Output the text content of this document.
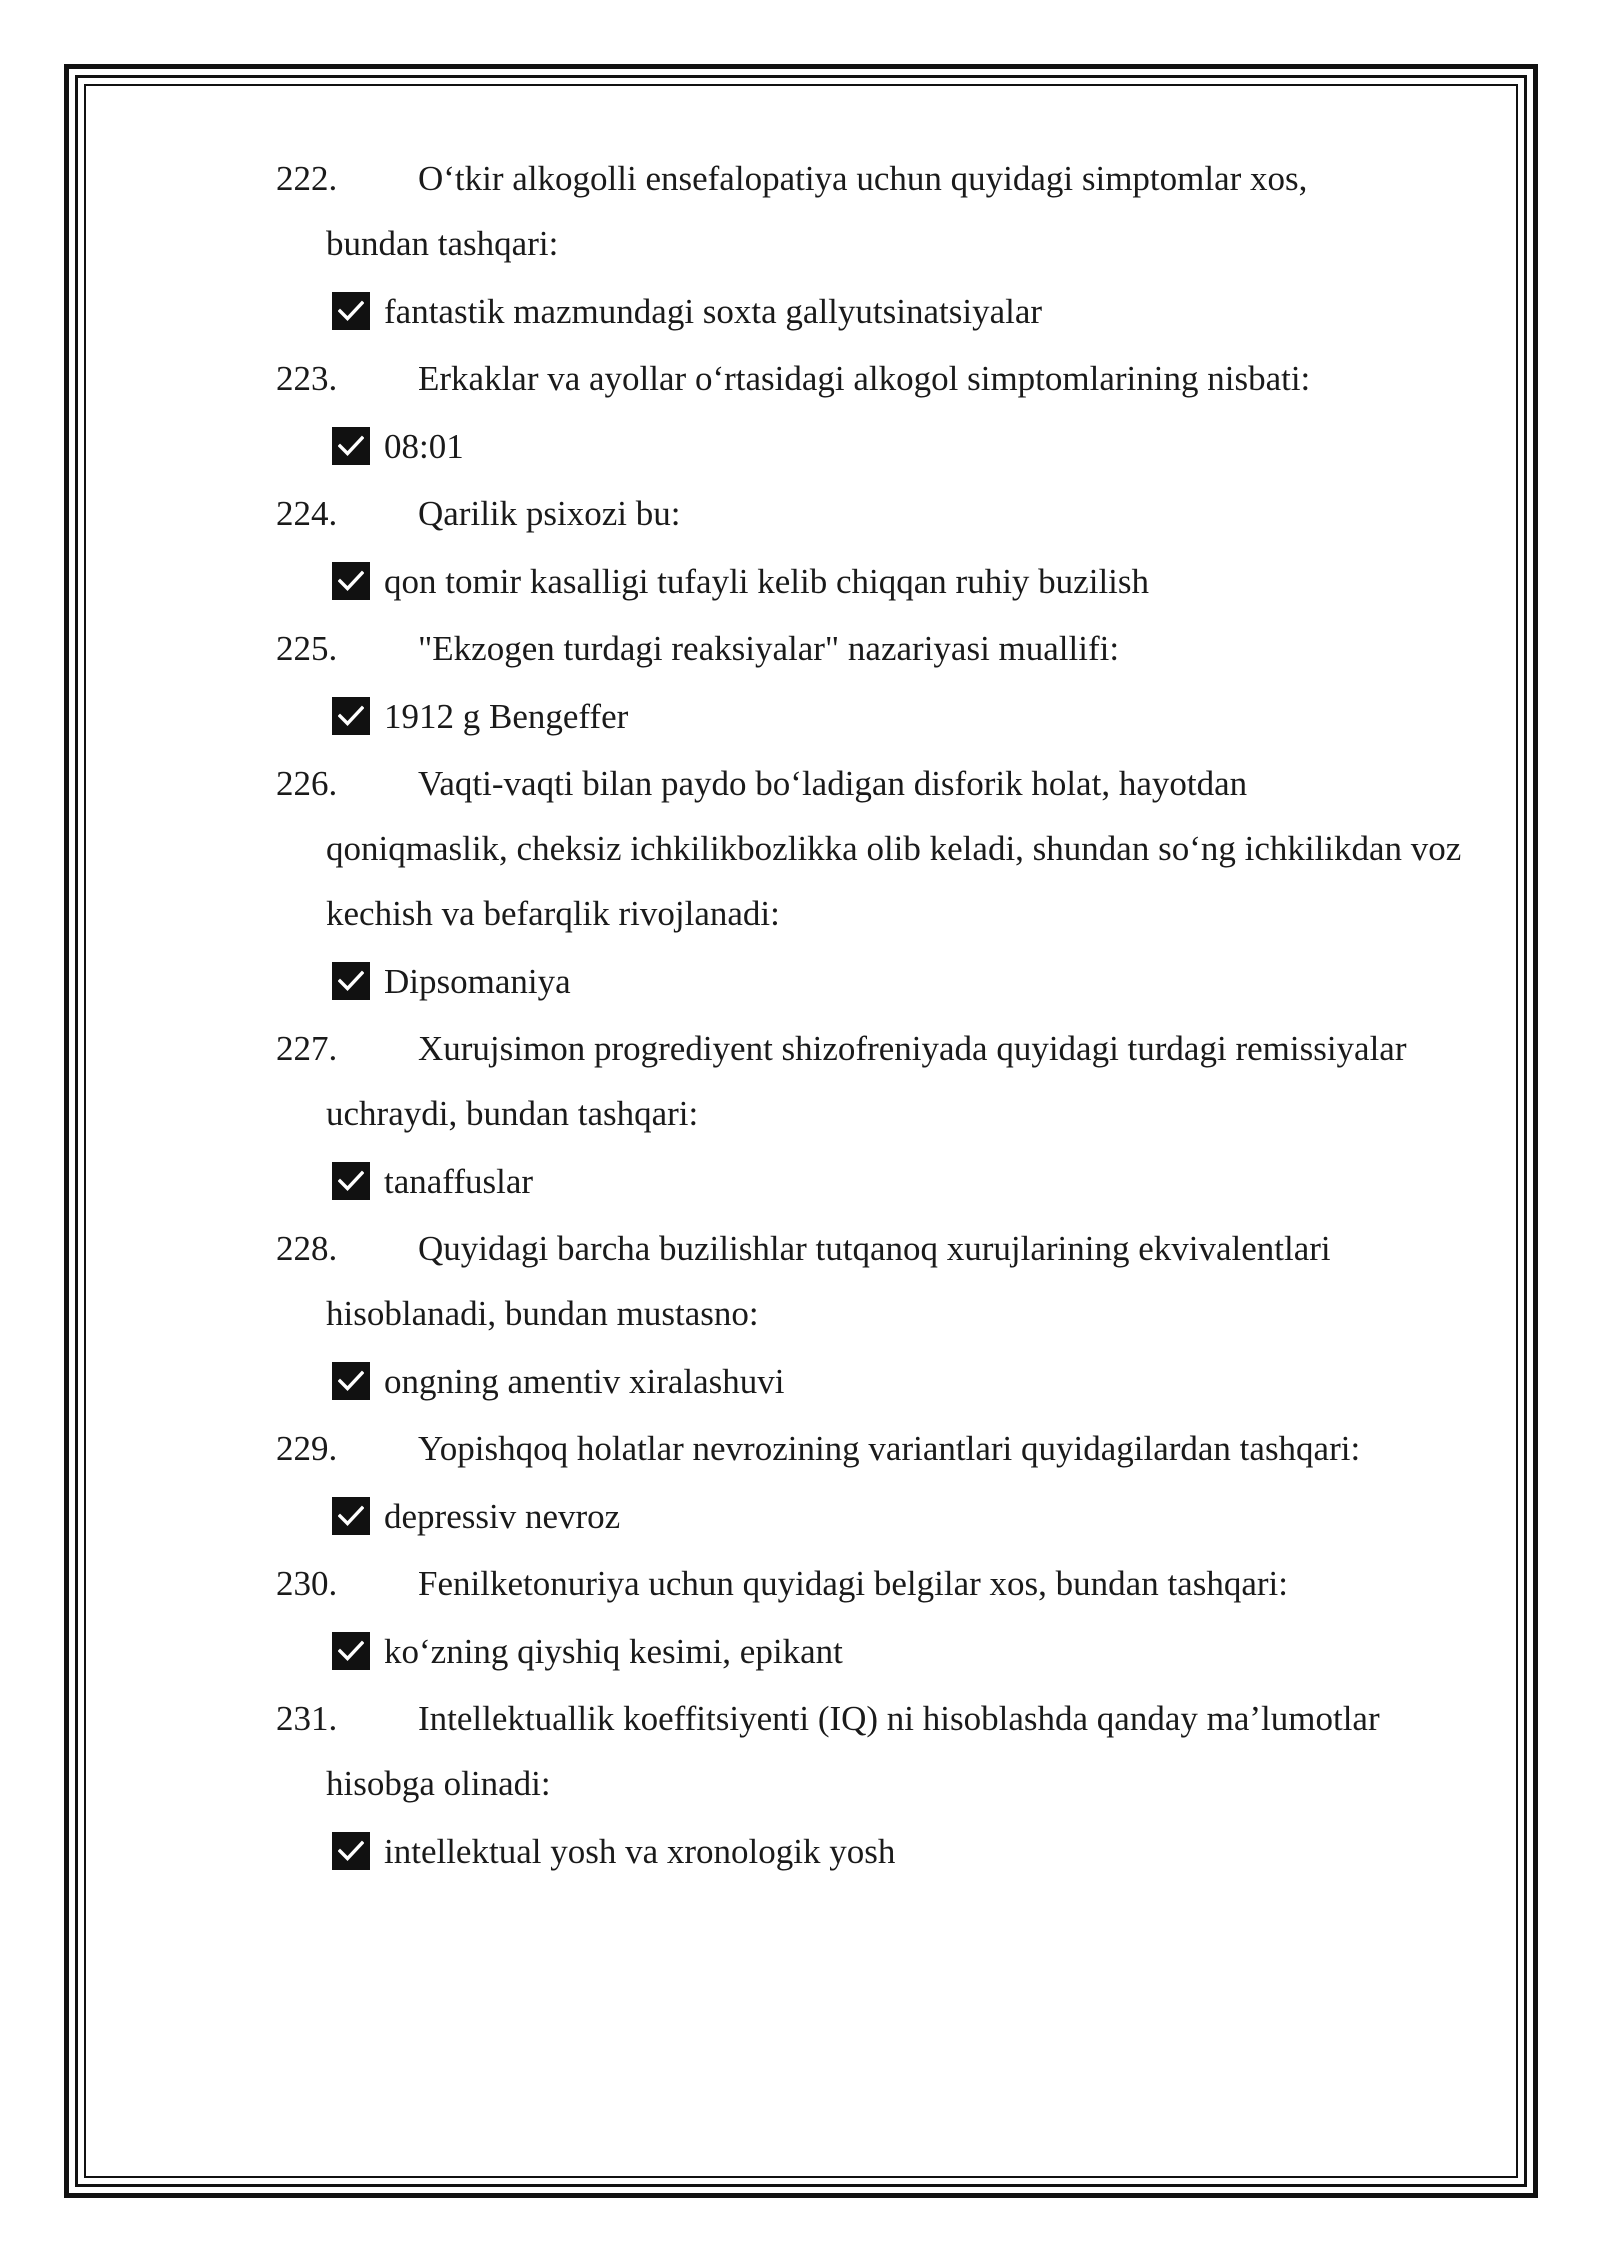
222.	O‘tkir alkogolli ensefalopatiya uchun quyidagi simptomlar xos,
bundan tashqari:
fantastik mazmundagi soxta gallyutsinatsiyalar
223.	Erkaklar va ayollar o‘rtasidagi alkogol simptomlarining nisbati:
08:01
224.	Qarilik psixozi bu:
qon tomir kasalligi tufayli kelib chiqqan ruhiy buzilish
225.	"Ekzogen turdagi reaksiyalar" nazariyasi muallifi:
1912 g Bengeffer
226.	Vaqti-vaqti bilan paydo bo‘ladigan disforik holat, hayotdan
qoniqmaslik, cheksiz ichkilikbozlikka olib keladi, shundan so‘ng ichkilikdan voz kechish va befarqlik rivojlanadi:
Dipsomaniya
227.	Xurujsimon progrediyent shizofreniyada quyidagi turdagi remissiyalar
uchraydi, bundan tashqari:
tanaffuslar
228.	Quyidagi barcha buzilishlar tutqanoq xurujlarining ekvivalentlari
hisoblanadi, bundan mustasno:
ongning amentiv xiralashuvi
229.	Yopishqoq holatlar nevrozining variantlari quyidagilardan tashqari:
depressiv nevroz
230.	Fenilketonuriya uchun quyidagi belgilar xos, bundan tashqari:
ko‘zning qiyshiq kesimi, epikant
231.	Intellektuallik koeffitsiyenti (IQ) ni hisoblashda qanday ma’lumotlar
hisobga olinadi:
intellektual yosh va xronologik yosh
